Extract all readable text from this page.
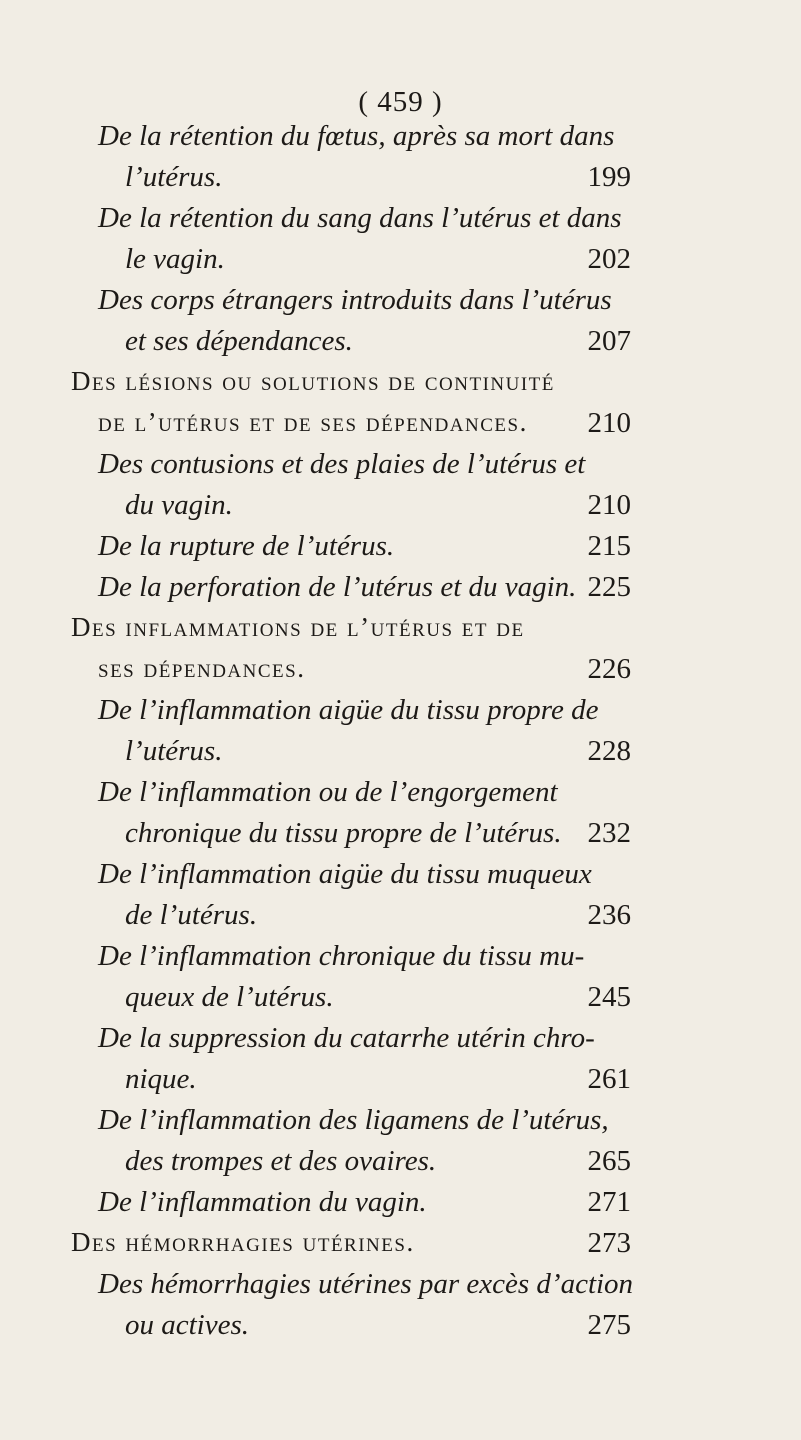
( 459 )
De la rétention du fœtus, après sa mort dans
l’utérus.	199
De la rétention du sang dans l’utérus et dans
le vagin.	202
Des corps étrangers introduits dans l’utérus
et ses dépendances.	207
Des lésions ou solutions de continuité
de l’utérus et de ses dépendances. 210
Des contusions et des plaies de l’utérus et
du vagin.	210
De la rupture de l’utérus.	215
De la perforation de l’utérus et du vagin. 225
Des inflammations de l’utérus et de
ses dépendances.	226
De l’inflammation aigüe du tissu propre de
l’utérus.	228
De l’inflammation ou de l’engorgement
chronique du tissu propre de l’utérus. 232
De l’inflammation aigüe du tissu muqueux
de l’utérus.	236
De l’inflammation chronique du tissu mu-
queux de l’utérus.	245
De la suppression du catarrhe utérin chro-
nique.	261
De l’inflammation des ligamens de l’utérus,
des trompes et des ovaires.	265
De l’inflammation du vagin.	271
Des hémorrhagies utérines.	273
Des hémorrhagies utérines par excès d’action
ou actives.	275
